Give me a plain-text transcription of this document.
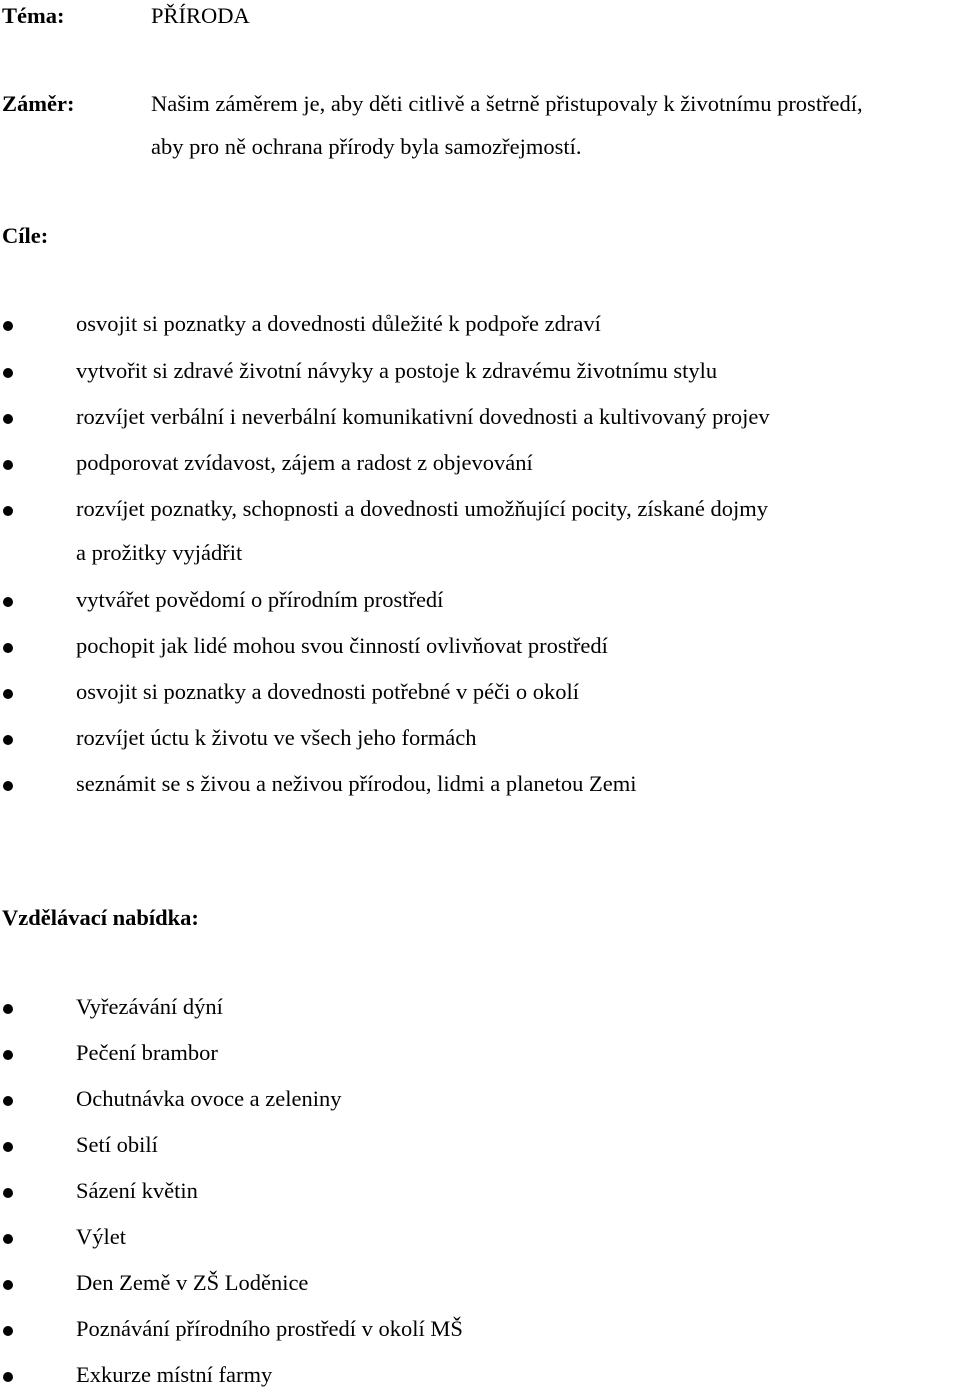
Téma:	PŘÍRODA
Záměr:	Našim záměrem je, aby děti citlivě a šetrně přistupovaly k životnímu prostředí,
aby pro ně ochrana přírody byla samozřejmostí.
Cíle:
osvojit si poznatky a dovednosti důležité k podpoře zdraví
vytvořit si zdravé životní návyky a postoje k zdravému životnímu stylu
rozvíjet verbální i neverbální komunikativní dovednosti a kultivovaný projev
podporovat zvídavost, zájem a radost z objevování
rozvíjet poznatky, schopnosti a dovednosti umožňující pocity, získané dojmy
a prožitky vyjádřit
vytvářet povědomí o přírodním prostředí
pochopit jak lidé mohou svou činností ovlivňovat prostředí
osvojit si poznatky a dovednosti potřebné v péči o okolí
rozvíjet úctu k životu ve všech jeho formách
seznámit se s živou a neživou přírodou, lidmi a planetou Zemi
Vzdělávací nabídka:
Vyřezávání dýní
Pečení brambor
Ochutnávka ovoce a zeleniny
Setí obilí
Sázení květin
Výlet
Den Země v ZŠ Loděnice
Poznávání přírodního prostředí v okolí MŠ
Exkurze místní farmy
